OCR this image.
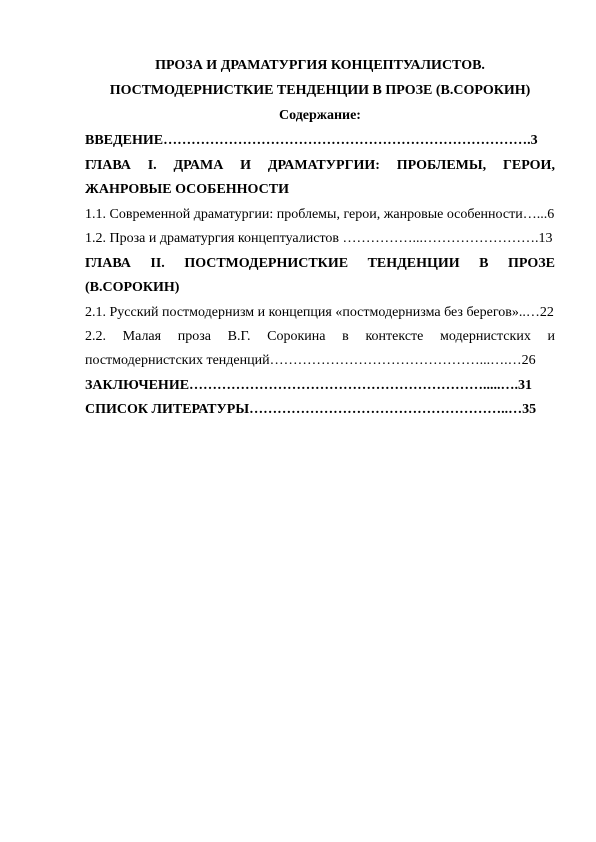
ПРОЗА И ДРАМАТУРГИЯ КОНЦЕПТУАЛИСТОВ.
ПОСТМОДЕРНИСТКИЕ ТЕНДЕНЦИИ В ПРОЗЕ (В.СОРОКИН)
Содержание:
ВВЕДЕНИЕ…………………………………………………………………….3
ГЛАВА I. ДРАМА И ДРАМАТУРГИИ: ПРОБЛЕМЫ, ГЕРОИ,
ЖАНРОВЫЕ ОСОБЕННОСТИ
1.1. Современной драматургии: проблемы, герои, жанровые особенности…...6
1.2. Проза и драматургия концептуалистов ……………...…………………….13
ГЛАВА II. ПОСТМОДЕРНИСТКИЕ ТЕНДЕНЦИИ В ПРОЗЕ
(В.СОРОКИН)
2.1. Русский постмодернизм и концепция «постмодернизма без берегов»..…22
2.2. Малая проза В.Г. Сорокина в контексте модернистских и
постмодернистских тенденций………………………………………...….…26
ЗАКЛЮЧЕНИЕ……………………………………………………….....….31
СПИСОК ЛИТЕРАТУРЫ………………………………………………..…35
